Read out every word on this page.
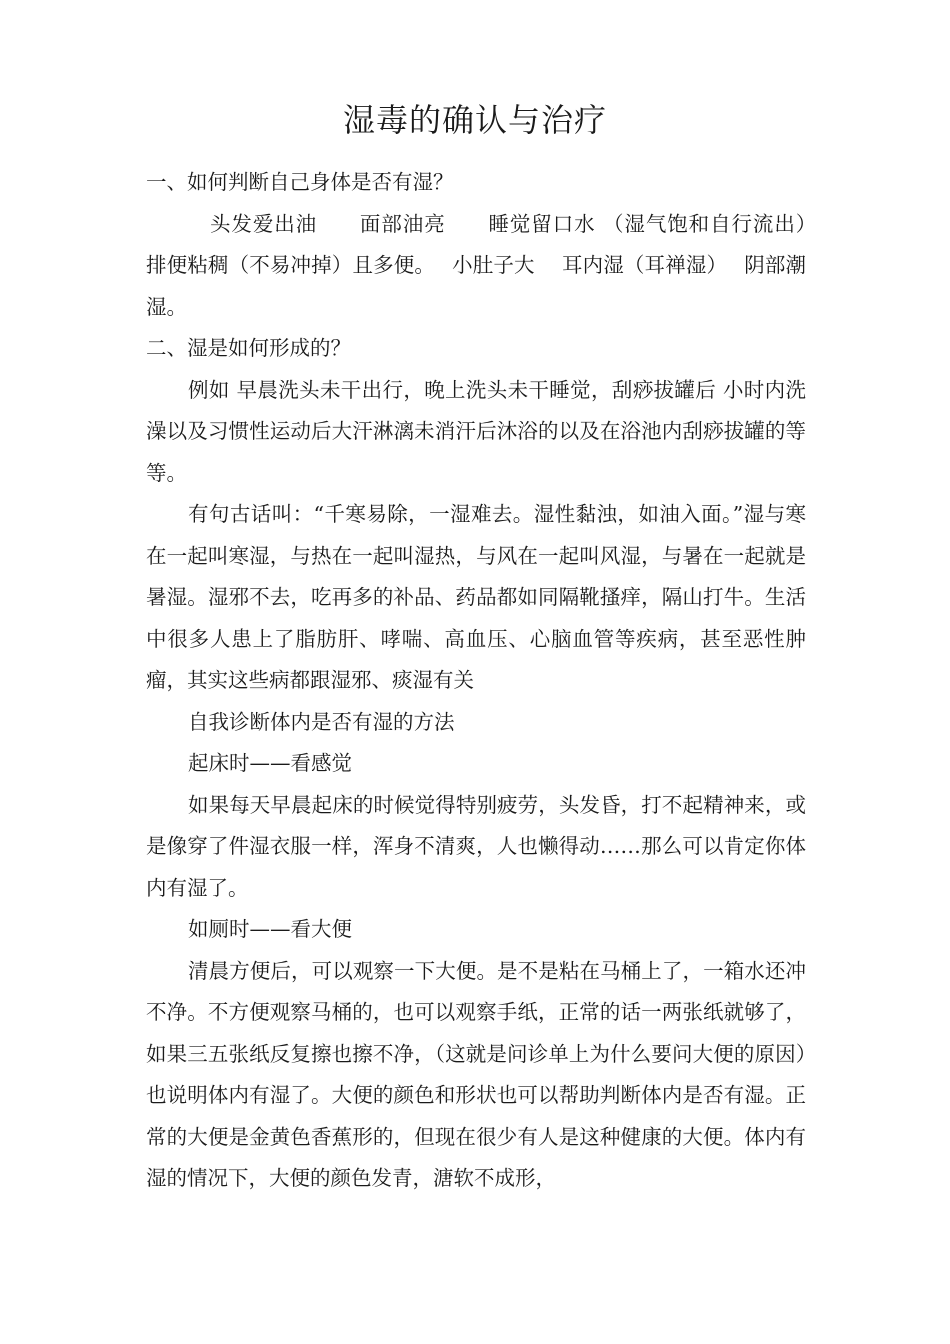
湿毒的确认与治疗

一、如何判断自己身体是否有湿？

头发爱出油　　面部油亮　　睡觉留口水 （湿气饱和自行流出）　 排便粘稠（不易冲掉）且多便。　 小肚子大　 耳内湿（耳禅湿）　 阴部潮湿。

二、湿是如何形成的？

例如 早晨洗头未干出行，晚上洗头未干睡觉，刮痧拔罐后 小时内洗澡以及习惯性运动后大汗淋漓未消汗后沐浴的以及在浴池内刮痧拔罐的等等。

有句古话叫：“千寒易除，一湿难去。湿性黏浊，如油入面。”湿与寒在一起叫寒湿，与热在一起叫湿热，与风在一起叫风湿，与暑在一起就是暑湿。湿邪不去，吃再多的补品、药品都如同隔靴搔痒，隔山打牛。生活中很多人患上了脂肪肝、哮喘、高血压、心脑血管等疾病，甚至恶性肿瘤，其实这些病都跟湿邪、痰湿有关

自我诊断体内是否有湿的方法

起床时——看感觉

如果每天早晨起床的时候觉得特别疲劳，头发昏，打不起精神来，或是像穿了件湿衣服一样，浑身不清爽，人也懒得动……那么可以肯定你体内有湿了。

如厕时——看大便

清晨方便后，可以观察一下大便。是不是粘在马桶上了，一箱水还冲不净。不方便观察马桶的，也可以观察手纸，正常的话一两张纸就够了，如果三五张纸反复擦也擦不净，（这就是问诊单上为什么要问大便的原因）也说明体内有湿了。大便的颜色和形状也可以帮助判断体内是否有湿。正常的大便是金黄色香蕉形的，但现在很少有人是这种健康的大便。体内有湿的情况下，大便的颜色发青，溏软不成形，
